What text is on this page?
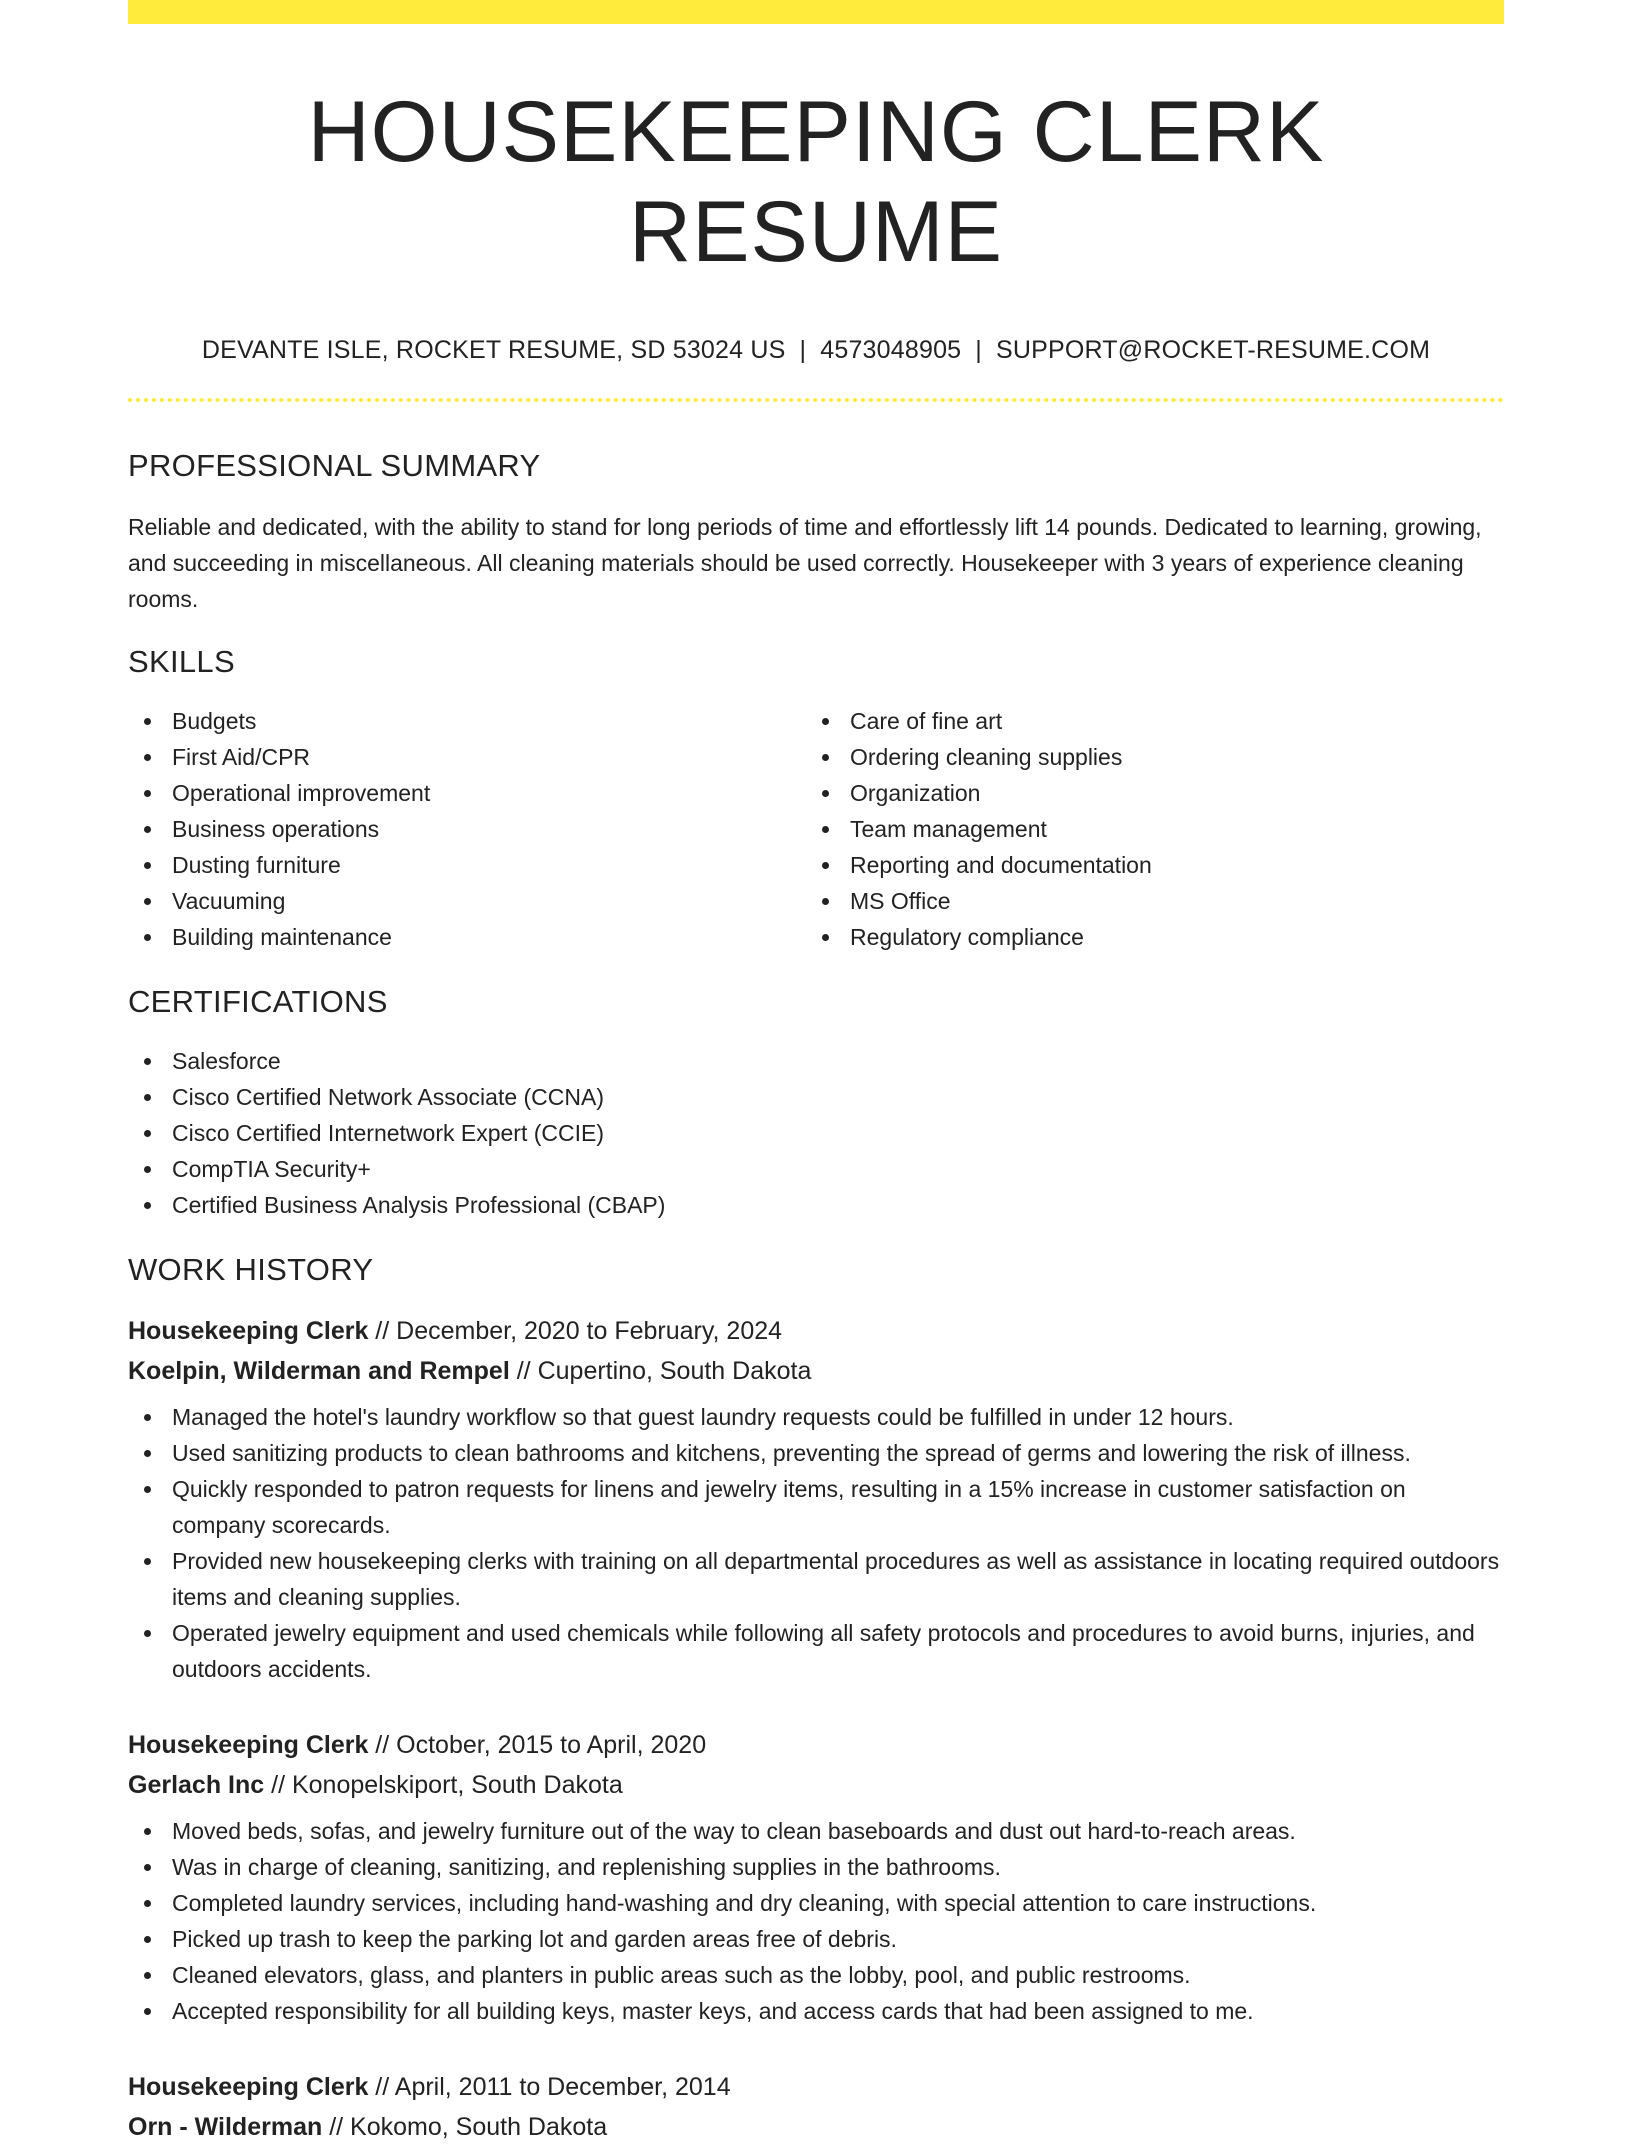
HOUSEKEEPING CLERK RESUME
DEVANTE ISLE, ROCKET RESUME, SD 53024 US | 4573048905 | SUPPORT@ROCKET-RESUME.COM
PROFESSIONAL SUMMARY

Reliable and dedicated, with the ability to stand for long periods of time and effortlessly lift 14 pounds. Dedicated to learning, growing, and succeeding in miscellaneous. All cleaning materials should be used correctly. Housekeeper with 3 years of experience cleaning rooms.

SKILLS
Budgets
First Aid/CPR
Operational improvement
Business operations
Dusting furniture
Vacuuming
Building maintenance
Care of fine art
Ordering cleaning supplies
Organization
Team management
Reporting and documentation
MS Office
Regulatory compliance
CERTIFICATIONS
Salesforce
Cisco Certified Network Associate (CCNA)
Cisco Certified Internetwork Expert (CCIE)
CompTIA Security+
Certified Business Analysis Professional (CBAP)
WORK HISTORY
Housekeeping Clerk // December, 2020 to February, 2024
Koelpin, Wilderman and Rempel // Cupertino, South Dakota
Managed the hotel's laundry workflow so that guest laundry requests could be fulfilled in under 12 hours.
Used sanitizing products to clean bathrooms and kitchens, preventing the spread of germs and lowering the risk of illness.
Quickly responded to patron requests for linens and jewelry items, resulting in a 15% increase in customer satisfaction on company scorecards.
Provided new housekeeping clerks with training on all departmental procedures as well as assistance in locating required outdoors items and cleaning supplies.
Operated jewelry equipment and used chemicals while following all safety protocols and procedures to avoid burns, injuries, and outdoors accidents.
Housekeeping Clerk // October, 2015 to April, 2020
Gerlach Inc // Konopelskiport, South Dakota
Moved beds, sofas, and jewelry furniture out of the way to clean baseboards and dust out hard-to-reach areas.
Was in charge of cleaning, sanitizing, and replenishing supplies in the bathrooms.
Completed laundry services, including hand-washing and dry cleaning, with special attention to care instructions.
Picked up trash to keep the parking lot and garden areas free of debris.
Cleaned elevators, glass, and planters in public areas such as the lobby, pool, and public restrooms.
Accepted responsibility for all building keys, master keys, and access cards that had been assigned to me.
Housekeeping Clerk // April, 2011 to December, 2014
Orn - Wilderman // Kokomo, South Dakota
